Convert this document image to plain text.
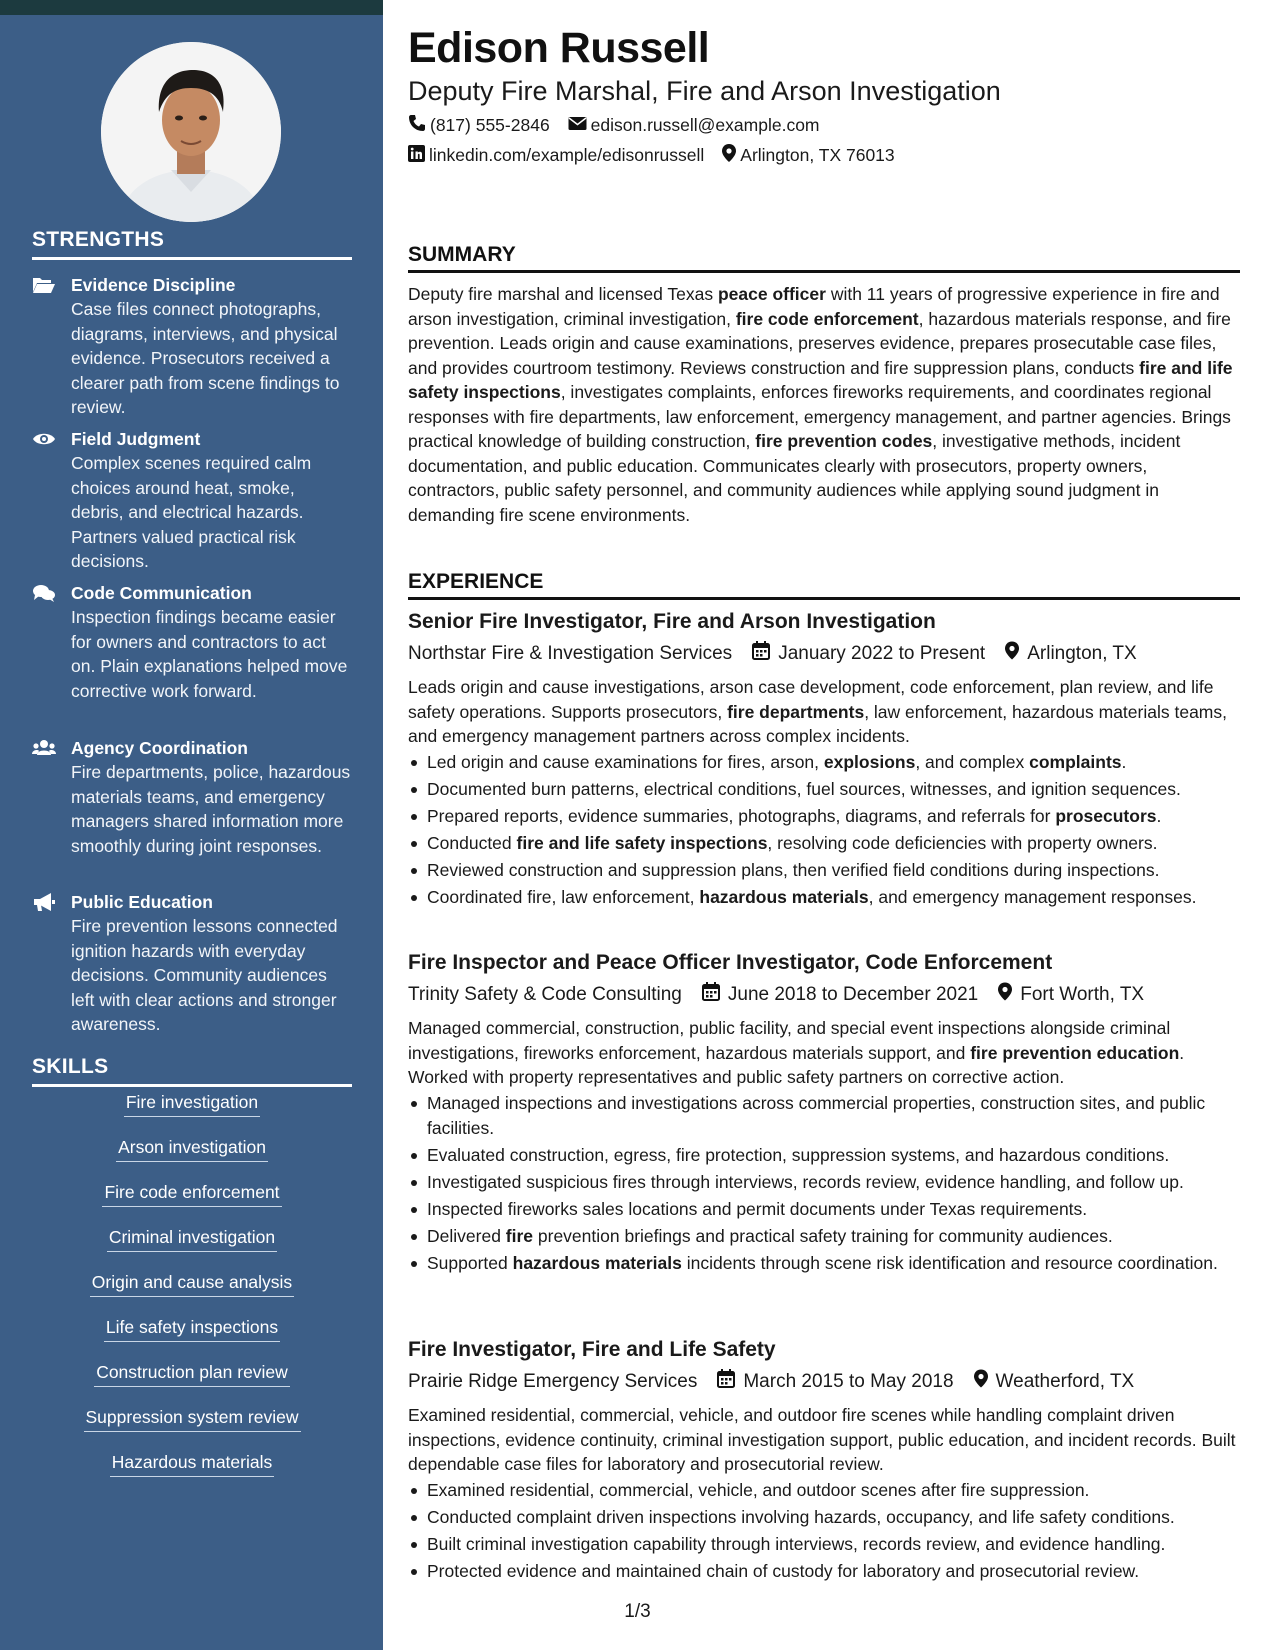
STRENGTHS
Evidence Discipline
Case files connect photographs, diagrams, interviews, and physical evidence. Prosecutors received a clearer path from scene findings to review.
Field Judgment
Complex scenes required calm choices around heat, smoke, debris, and electrical hazards. Partners valued practical risk decisions.
Code Communication
Inspection findings became easier for owners and contractors to act on. Plain explanations helped move corrective work forward.
Agency Coordination
Fire departments, police, hazardous materials teams, and emergency managers shared information more smoothly during joint responses.
Public Education
Fire prevention lessons connected ignition hazards with everyday decisions. Community audiences left with clear actions and stronger awareness.
SKILLS
Fire investigation
Arson investigation
Fire code enforcement
Criminal investigation
Origin and cause analysis
Life safety inspections
Construction plan review
Suppression system review
Hazardous materials
Edison Russell
Deputy Fire Marshal, Fire and Arson Investigation
(817) 555-2846 edison.russell@example.com
linkedin.com/example/edisonrussell Arlington, TX 76013
SUMMARY
Deputy fire marshal and licensed Texas peace officer with 11 years of progressive experience in fire and arson investigation, criminal investigation, fire code enforcement, hazardous materials response, and fire prevention. Leads origin and cause examinations, preserves evidence, prepares prosecutable case files, and provides courtroom testimony. Reviews construction and fire suppression plans, conducts fire and life safety inspections, investigates complaints, enforces fireworks requirements, and coordinates regional responses with fire departments, law enforcement, emergency management, and partner agencies. Brings practical knowledge of building construction, fire prevention codes, investigative methods, incident documentation, and public education. Communicates clearly with prosecutors, property owners, contractors, public safety personnel, and community audiences while applying sound judgment in demanding fire scene environments.
EXPERIENCE
Senior Fire Investigator, Fire and Arson Investigation
Northstar Fire & Investigation Services January 2022 to Present Arlington, TX
Leads origin and cause investigations, arson case development, code enforcement, plan review, and life safety operations. Supports prosecutors, fire departments, law enforcement, hazardous materials teams, and emergency management partners across complex incidents.
Led origin and cause examinations for fires, arson, explosions, and complex complaints.
Documented burn patterns, electrical conditions, fuel sources, witnesses, and ignition sequences.
Prepared reports, evidence summaries, photographs, diagrams, and referrals for prosecutors.
Conducted fire and life safety inspections, resolving code deficiencies with property owners.
Reviewed construction and suppression plans, then verified field conditions during inspections.
Coordinated fire, law enforcement, hazardous materials, and emergency management responses.
Fire Inspector and Peace Officer Investigator, Code Enforcement
Trinity Safety & Code Consulting June 2018 to December 2021 Fort Worth, TX
Managed commercial, construction, public facility, and special event inspections alongside criminal investigations, fireworks enforcement, hazardous materials support, and fire prevention education. Worked with property representatives and public safety partners on corrective action.
Managed inspections and investigations across commercial properties, construction sites, and public facilities.
Evaluated construction, egress, fire protection, suppression systems, and hazardous conditions.
Investigated suspicious fires through interviews, records review, evidence handling, and follow up.
Inspected fireworks sales locations and permit documents under Texas requirements.
Delivered fire prevention briefings and practical safety training for community audiences.
Supported hazardous materials incidents through scene risk identification and resource coordination.
Fire Investigator, Fire and Life Safety
Prairie Ridge Emergency Services March 2015 to May 2018 Weatherford, TX
Examined residential, commercial, vehicle, and outdoor fire scenes while handling complaint driven inspections, evidence continuity, criminal investigation support, public education, and incident records. Built dependable case files for laboratory and prosecutorial review.
Examined residential, commercial, vehicle, and outdoor scenes after fire suppression.
Conducted complaint driven inspections involving hazards, occupancy, and life safety conditions.
Built criminal investigation capability through interviews, records review, and evidence handling.
Protected evidence and maintained chain of custody for laboratory and prosecutorial review.
1/3
